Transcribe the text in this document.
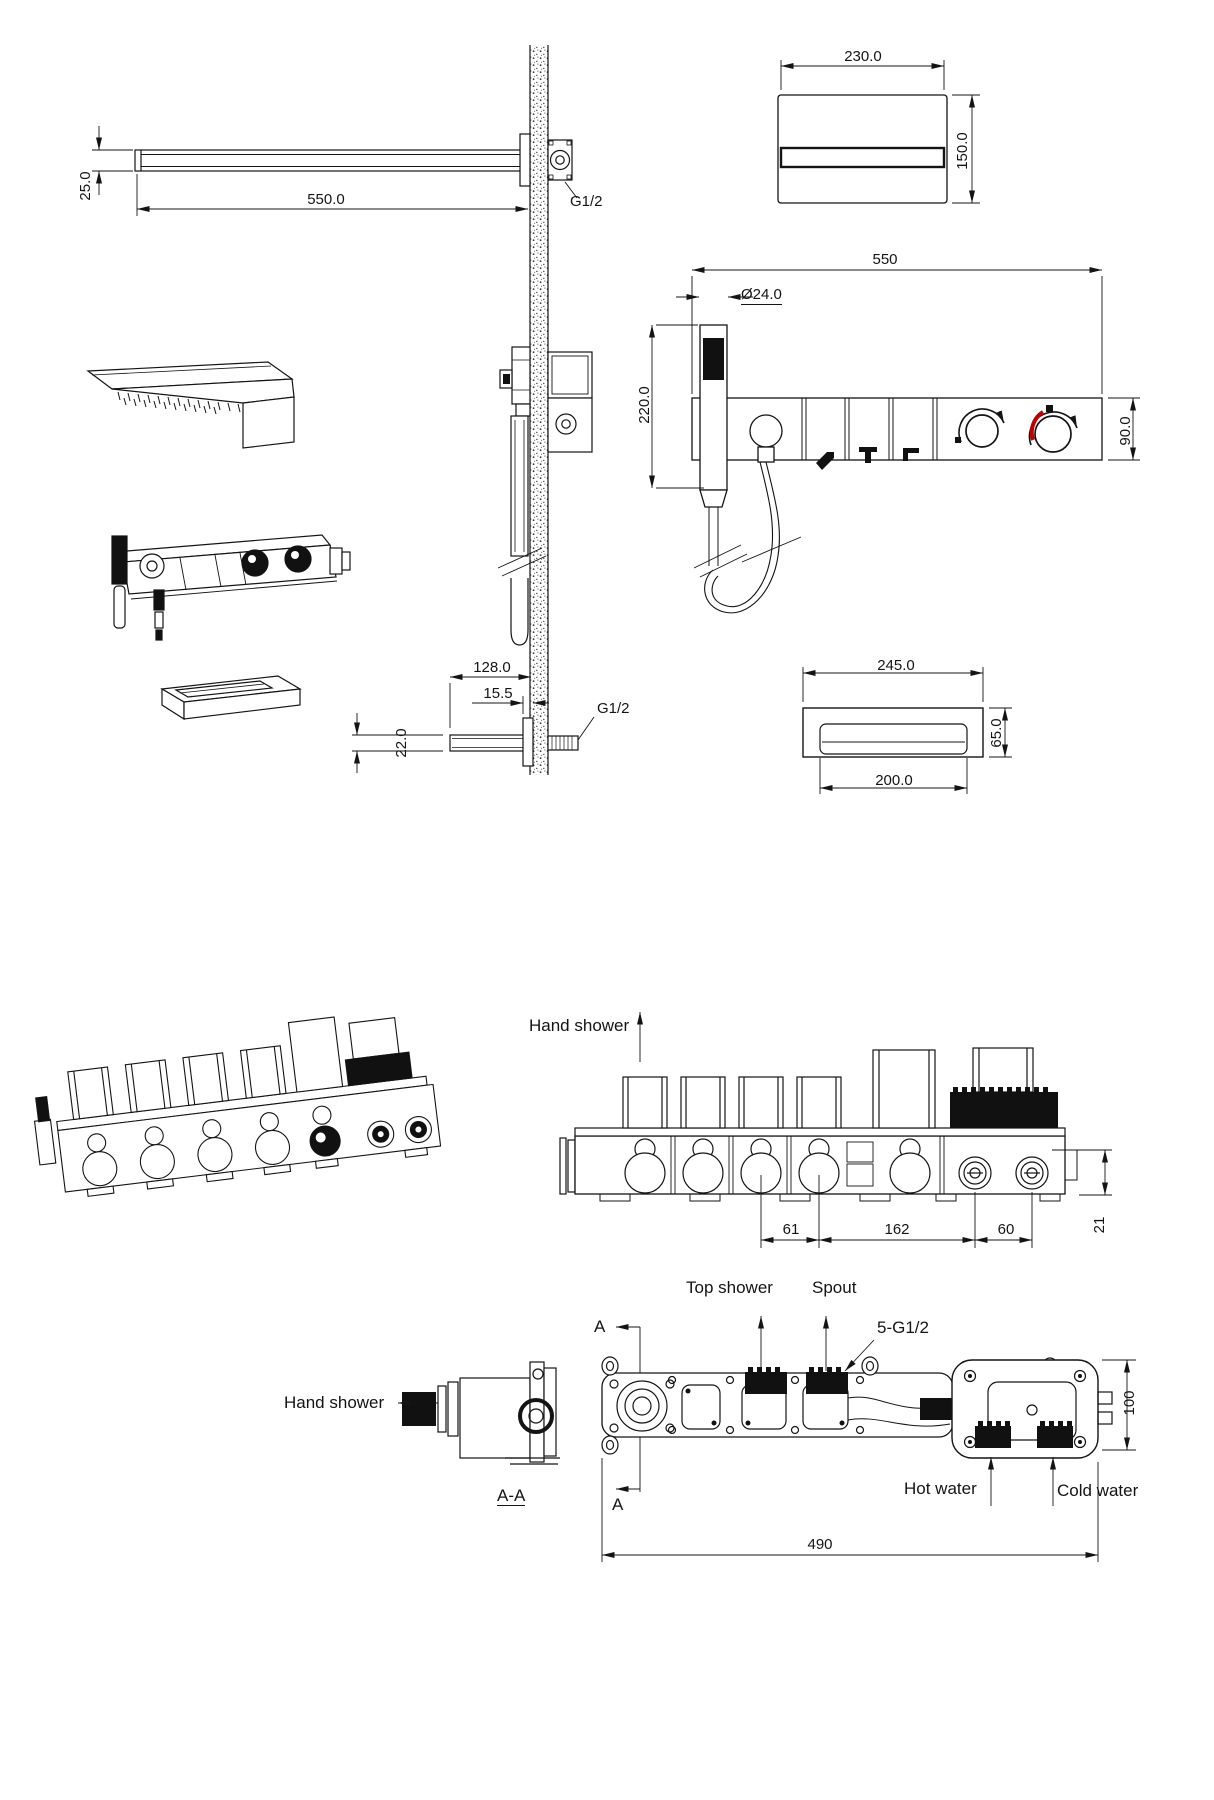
25.0	550.0	G1/2
230.0
150.0
550
Ø24.0
220.0
90.0
128.0
15.5
G1/2
22.0
245.0
65.0
200.0
Hand shower
61	162	60	21
Top shower Spout
5-G1/2
A
A
Hand shower
A-A	Hot water	Cold water
490
100
